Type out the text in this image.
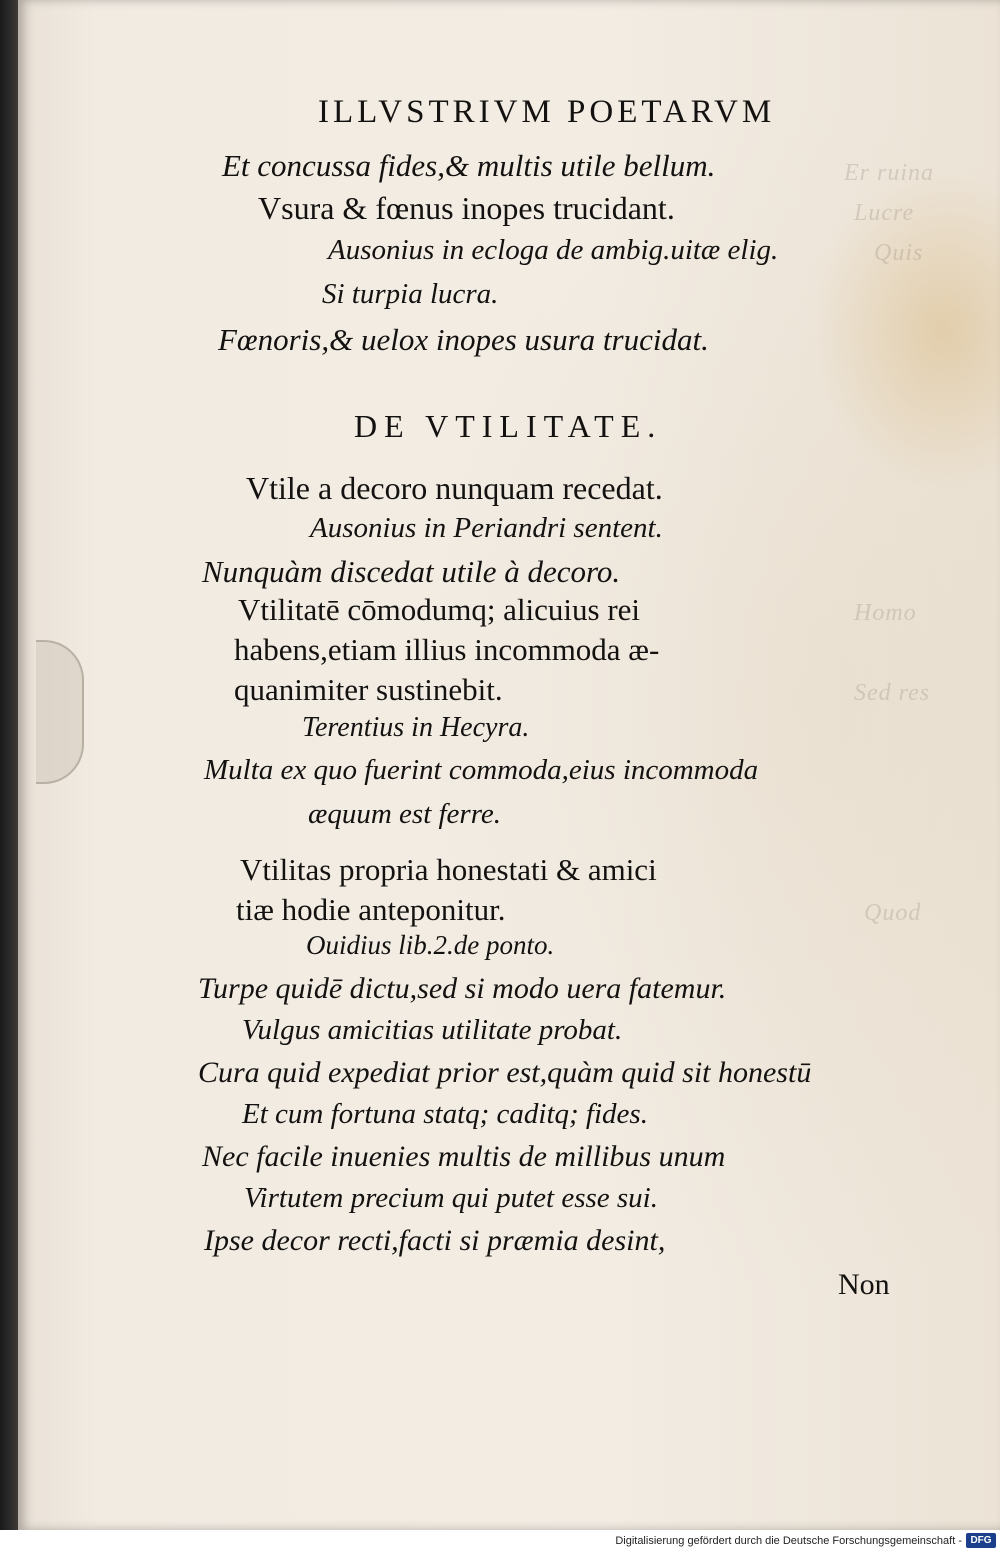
Er ruina
Lucre
Quis
Homo
Sed res
Quod
ILLVSTRIVM POETARVM
Et concussa fides,& multis utile bellum.
Vsura & fœnus inopes trucidant.
Ausonius in ecloga de ambig.uitæ elig.
Si turpia lucra.
Fœnoris,& uelox inopes usura trucidat.
DE VTILITATE.
Vtile a decoro nunquam recedat.
Ausonius in Periandri sentent.
Nunquàm discedat utile à decoro.
Vtilitatē cōmodumq; alicuius rei
habens,etiam illius incommoda æ-
quanimiter sustinebit.
Terentius in Hecyra.
Multa ex quo fuerint commoda,eius incommoda
æquum est ferre.
Vtilitas propria honestati & amici
tiæ hodie anteponitur.
Ouidius lib.2.de ponto.
Turpe quidē dictu,sed si modo uera fatemur.
Vulgus amicitias utilitate probat.
Cura quid expediat prior est,quàm quid sit honestū
Et cum fortuna statq; caditq; fides.
Nec facile inuenies multis de millibus unum
Virtutem precium qui putet esse sui.
Ipse decor recti,facti si præmia desint,
Non
Digitalisierung gefördert durch die Deutsche Forschungsgemeinschaft - DFG
